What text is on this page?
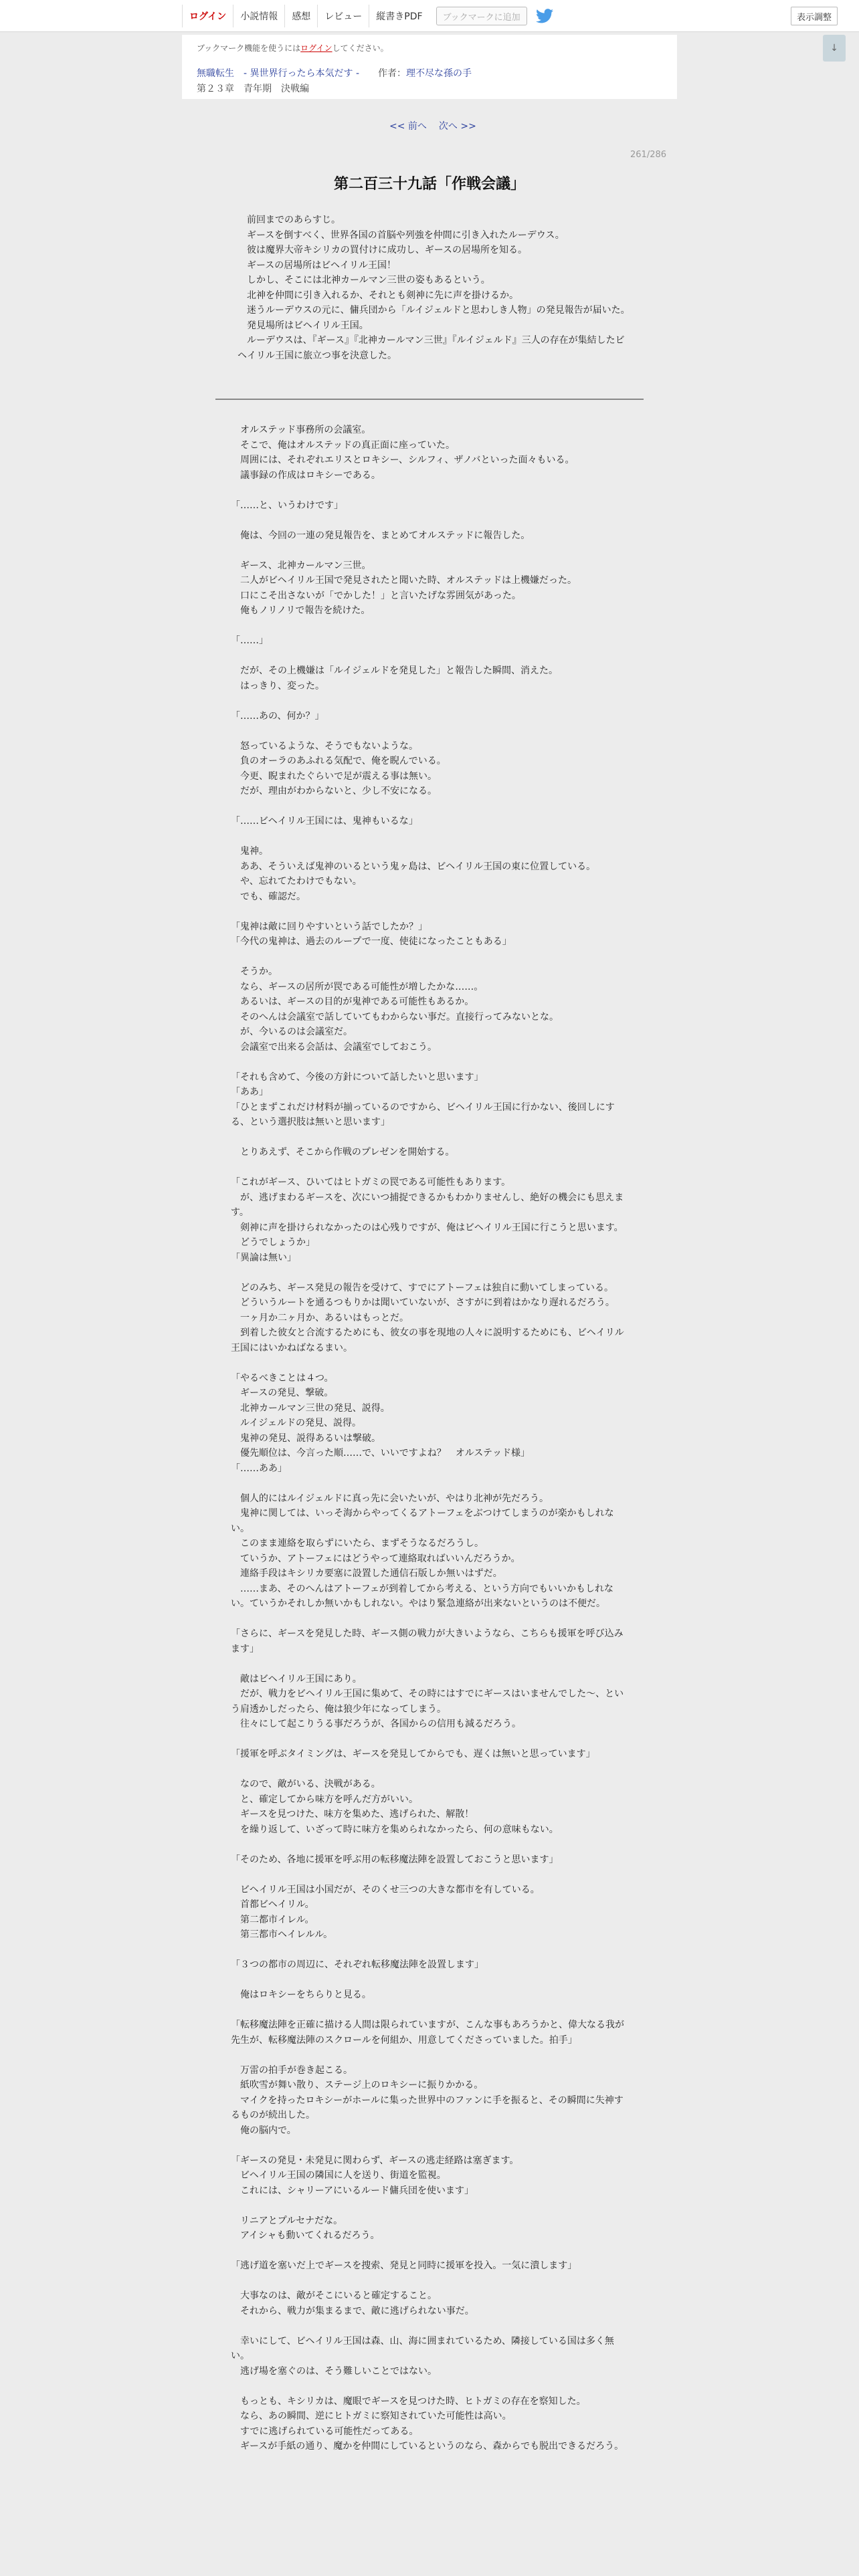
ログイン	小説情報	感想	レビュー	縦書きPDF	ブックマークに追加	表示調整
ブックマーク機能を使うにはログインしてください。
無職転生　- 異世界行ったら本気だす - 作者： 理不尽な孫の手
第２３章　青年期　決戦編
↓
<< 前へ 次へ >>
261/286
第二百三十九話「作戦会議」

　前回までのあらすじ。

　ギースを倒すべく、世界各国の首脳や列強を仲間に引き入れたルーデウス。

　彼は魔界大帝キシリカの買付けに成功し、ギースの居場所を知る。

　ギースの居場所はビヘイリル王国！

　しかし、そこには北神カールマン三世の姿もあるという。

　北神を仲間に引き入れるか、それとも剣神に先に声を掛けるか。

　迷うルーデウスの元に、傭兵団から「ルイジェルドと思わしき人物」の発見報告が届いた。

　発見場所はビヘイリル王国。

　ルーデウスは、『ギース』『北神カールマン三世』『ルイジェルド』三人の存在が集結したビヘイリル王国に旅立つ事を決意した。

　オルステッド事務所の会議室。

　そこで、俺はオルステッドの真正面に座っていた。

　周囲には、それぞれエリスとロキシー、シルフィ、ザノバといった面々もいる。

　議事録の作成はロキシーである。

「……と、いうわけです」

　俺は、今回の一連の発見報告を、まとめてオルステッドに報告した。

　ギース、北神カールマン三世。

　二人がビヘイリル王国で発見されたと聞いた時、オルステッドは上機嫌だった。

　口にこそ出さないが「でかした！」と言いたげな雰囲気があった。

　俺もノリノリで報告を続けた。

「……」

　だが、その上機嫌は「ルイジェルドを発見した」と報告した瞬間、消えた。

　はっきり、変った。

「……あの、何か？」

　怒っているような、そうでもないような。

　負のオーラのあふれる気配で、俺を睨んでいる。

　今更、睨まれたぐらいで足が震える事は無い。

　だが、理由がわからないと、少し不安になる。

「……ビヘイリル王国には、鬼神もいるな」

　鬼神。

　ああ、そういえば鬼神のいるという鬼ヶ島は、ビヘイリル王国の東に位置している。

　や、忘れてたわけでもない。

　でも、確認だ。

「鬼神は敵に回りやすいという話でしたか？」

「今代の鬼神は、過去のループで一度、使徒になったこともある」

　そうか。

　なら、ギースの居所が罠である可能性が増したかな……。

　あるいは、ギースの目的が鬼神である可能性もあるか。

　そのへんは会議室で話していてもわからない事だ。直接行ってみないとな。

　が、今いるのは会議室だ。

　会議室で出来る会話は、会議室でしておこう。

「それも含めて、今後の方針について話したいと思います」

「ああ」

「ひとまずこれだけ材料が揃っているのですから、ビヘイリル王国に行かない、後回しにする、という選択肢は無いと思います」

　とりあえず、そこから作戦のプレゼンを開始する。

「これがギース、ひいてはヒトガミの罠である可能性もあります。

　が、逃げまわるギースを、次にいつ捕捉できるかもわかりませんし、絶好の機会にも思えます。

　剣神に声を掛けられなかったのは心残りですが、俺はビヘイリル王国に行こうと思います。

　どうでしょうか」

「異論は無い」

　どのみち、ギース発見の報告を受けて、すでにアトーフェは独自に動いてしまっている。

　どういうルートを通るつもりかは聞いていないが、さすがに到着はかなり遅れるだろう。

　一ヶ月か二ヶ月か、あるいはもっとだ。

　到着した彼女と合流するためにも、彼女の事を現地の人々に説明するためにも、ビヘイリル王国にはいかねばなるまい。

「やるべきことは４つ。

　ギースの発見、撃破。

　北神カールマン三世の発見、説得。

　ルイジェルドの発見、説得。

　鬼神の発見、説得あるいは撃破。

　優先順位は、今言った順……で、いいですよね？　オルステッド様」

「……ああ」

　個人的にはルイジェルドに真っ先に会いたいが、やはり北神が先だろう。

　鬼神に関しては、いっそ海からやってくるアトーフェをぶつけてしまうのが楽かもしれない。

　このまま連絡を取らずにいたら、まずそうなるだろうし。

　ていうか、アトーフェにはどうやって連絡取ればいいんだろうか。

　連絡手段はキシリカ要塞に設置した通信石版しか無いはずだ。

　……まあ、そのへんはアトーフェが到着してから考える、という方向でもいいかもしれない。ていうかそれしか無いかもしれない。やはり緊急連絡が出来ないというのは不便だ。

「さらに、ギースを発見した時、ギース側の戦力が大きいようなら、こちらも援軍を呼び込みます」

　敵はビヘイリル王国にあり。

　だが、戦力をビヘイリル王国に集めて、その時にはすでにギースはいませんでした〜、という肩透かしだったら、俺は狼少年になってしまう。

　往々にして起こりうる事だろうが、各国からの信用も減るだろう。

「援軍を呼ぶタイミングは、ギースを発見してからでも、遅くは無いと思っています」

　なので、敵がいる、決戦がある。

　と、確定してから味方を呼んだ方がいい。

　ギースを見つけた、味方を集めた、逃げられた、解散！

　を繰り返して、いざって時に味方を集められなかったら、何の意味もない。

「そのため、各地に援軍を呼ぶ用の転移魔法陣を設置しておこうと思います」

　ビヘイリル王国は小国だが、そのくせ三つの大きな都市を有している。

　首都ビヘイリル。

　第二都市イレル。

　第三都市ヘイレルル。

「３つの都市の周辺に、それぞれ転移魔法陣を設置します」

　俺はロキシーをちらりと見る。

「転移魔法陣を正確に描ける人間は限られていますが、こんな事もあろうかと、偉大なる我が先生が、転移魔法陣のスクロールを何組か、用意してくださっていました。拍手」

　万雷の拍手が巻き起こる。

　紙吹雪が舞い散り、ステージ上のロキシーに振りかかる。

　マイクを持ったロキシーがホールに集った世界中のファンに手を振ると、その瞬間に失神するものが続出した。

　俺の脳内で。

「ギースの発見・未発見に関わらず、ギースの逃走経路は塞ぎます。

　ビヘイリル王国の隣国に人を送り、街道を監視。

　これには、シャリーアにいるルード傭兵団を使います」

　リニアとプルセナだな。

　アイシャも動いてくれるだろう。

「逃げ道を塞いだ上でギースを捜索、発見と同時に援軍を投入。一気に潰します」

　大事なのは、敵がそこにいると確定すること。

　それから、戦力が集まるまで、敵に逃げられない事だ。

　幸いにして、ビヘイリル王国は森、山、海に囲まれているため、隣接している国は多く無い。

　逃げ場を塞ぐのは、そう難しいことではない。

　もっとも、キシリカは、魔眼でギースを見つけた時、ヒトガミの存在を察知した。

　なら、あの瞬間、逆にヒトガミに察知されていた可能性は高い。

　すでに逃げられている可能性だってある。

　ギースが手紙の通り、魔かを仲間にしているというのなら、森からでも脱出できるだろう。
